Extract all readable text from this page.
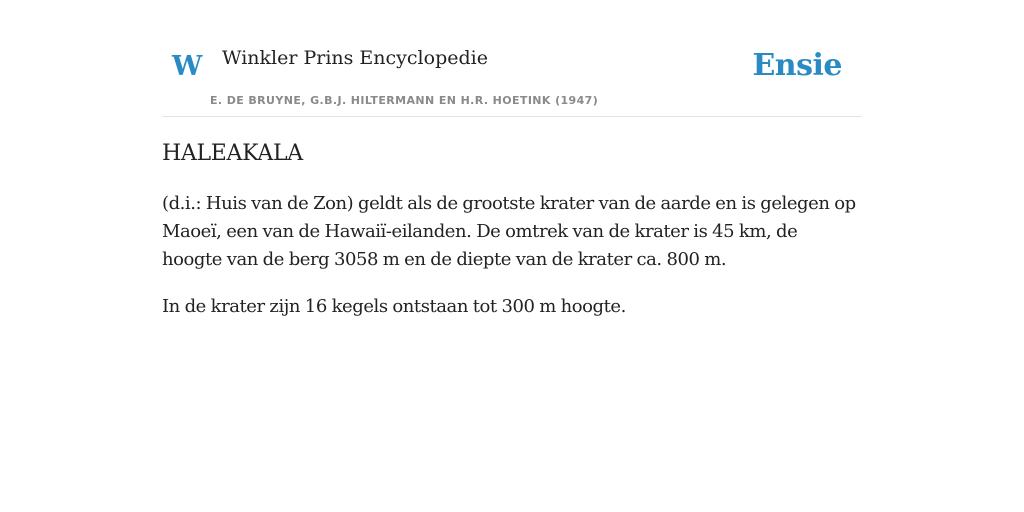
W Winkler Prins Encyclopedie
E. DE BRUYNE, G.B.J. HILTERMANN EN H.R. HOETINK (1947)
Ensie
HALEAKALA

(d.i.: Huis van de Zon) geldt als de grootste krater van de aarde en is gelegen op Maoeï, een van de Hawaiï-eilanden. De omtrek van de krater is 45 km, de hoogte van de berg 3058 m en de diepte van de krater ca. 800 m.

In de krater zijn 16 kegels ontstaan tot 300 m hoogte.
